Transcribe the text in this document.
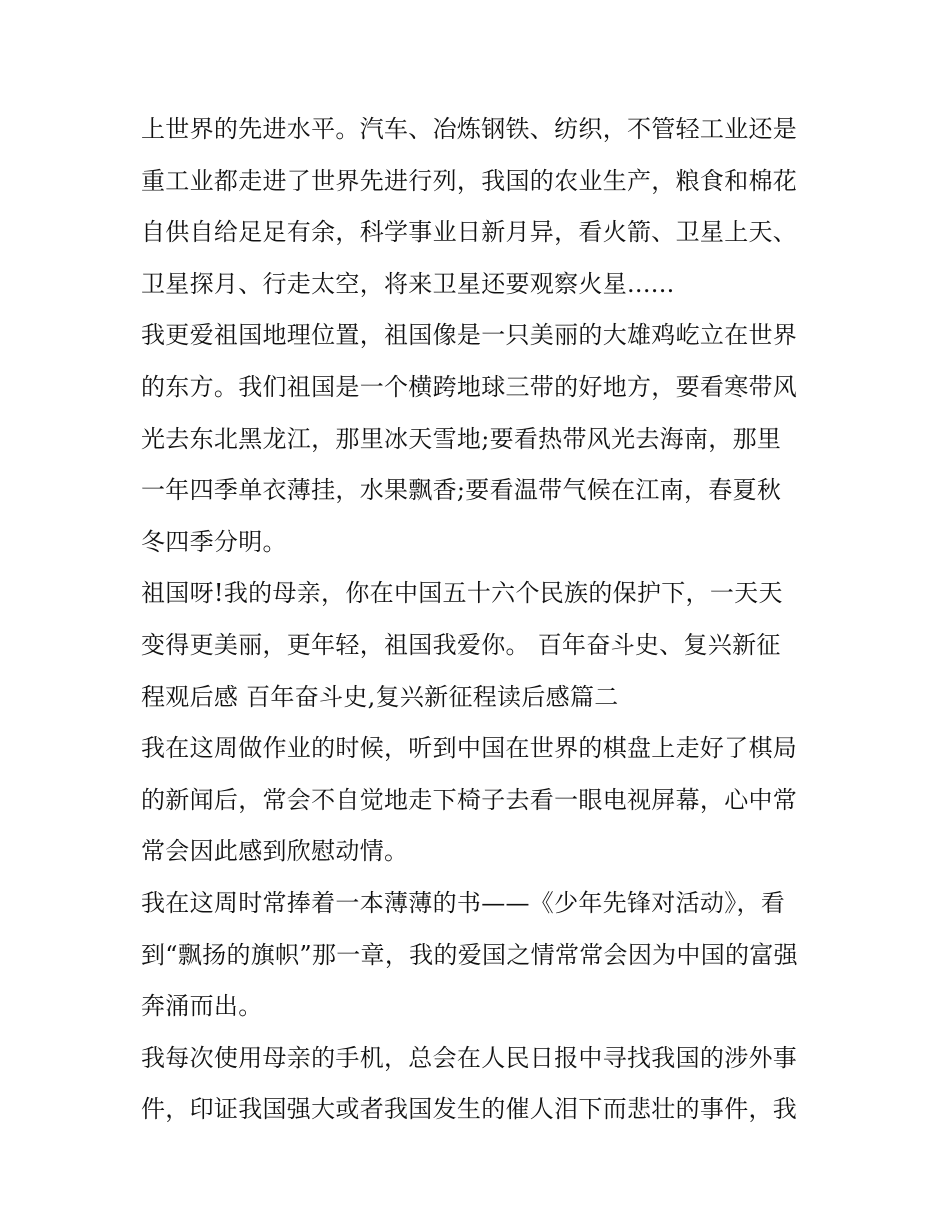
上世界的先进水平。汽车、冶炼钢铁、纺织，不管轻工业还是
重工业都走进了世界先进行列，我国的农业生产，粮食和棉花
自供自给足足有余，科学事业日新月异，看火箭、卫星上天、
卫星探月、行走太空，将来卫星还要观察火星......
我更爱祖国地理位置，祖国像是一只美丽的大雄鸡屹立在世界
的东方。我们祖国是一个横跨地球三带的好地方，要看寒带风
光去东北黑龙江，那里冰天雪地;要看热带风光去海南，那里
一年四季单衣薄挂，水果飘香;要看温带气候在江南，春夏秋
冬四季分明。
祖国呀!我的母亲，你在中国五十六个民族的保护下，一天天
变得更美丽，更年轻，祖国我爱你。 百年奋斗史、复兴新征
程观后感 百年奋斗史,复兴新征程读后感篇二
我在这周做作业的时候，听到中国在世界的棋盘上走好了棋局
的新闻后，常会不自觉地走下椅子去看一眼电视屏幕，心中常
常会因此感到欣慰动情。
我在这周时常捧着一本薄薄的书——《少年先锋对活动》，看
到“飘扬的旗帜”那一章，我的爱国之情常常会因为中国的富强
奔涌而出。
我每次使用母亲的手机，总会在人民日报中寻找我国的涉外事
件，印证我国强大或者我国发生的催人泪下而悲壮的事件，我
